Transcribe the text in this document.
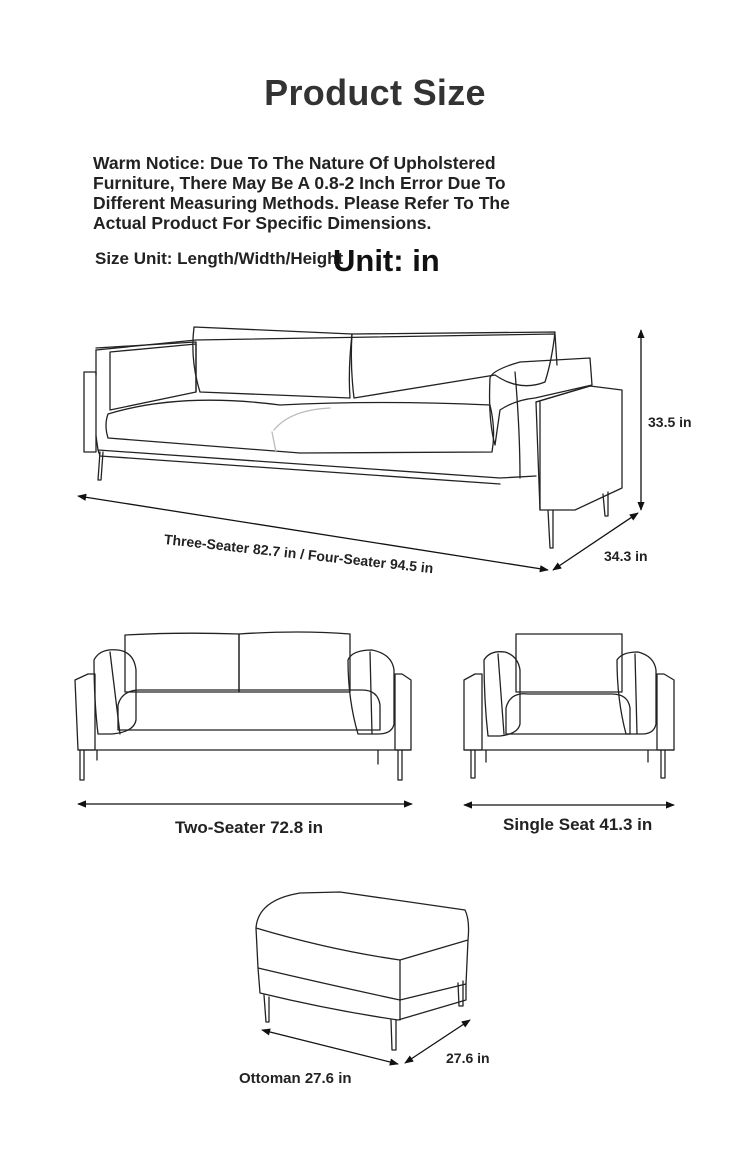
Product Size
Warm Notice: Due To The Nature Of Upholstered Furniture, There May Be A 0.8-2 Inch Error Due To Different Measuring Methods. Please Refer To The Actual Product For Specific Dimensions.
Size Unit: Length/Width/Height
Unit: in
Three-Seater 82.7 in / Four-Seater 94.5 in	34.3 in
33.5 in
Two-Seater 72.8 in	Single Seat 41.3 in
Ottoman 27.6 in
27.6 in
